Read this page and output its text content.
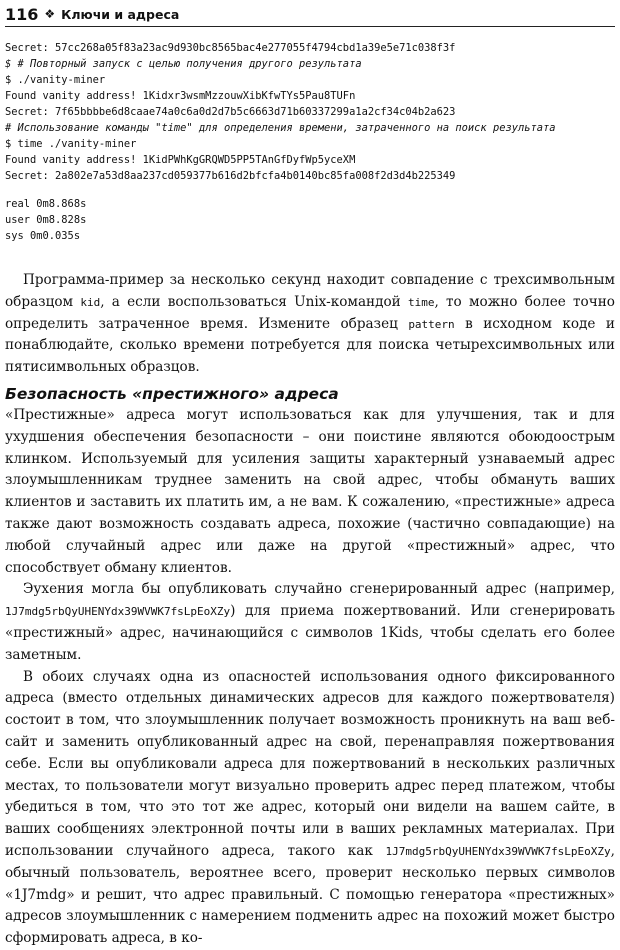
116 ❖ Ключи и адреса
Secret: 57cc268a05f83a23ac9d930bc8565bac4e277055f4794cbd1a39e5e71c038f3f
$ # Повторный запуск с целью получения другого результата
$ ./vanity-miner
Found vanity address! 1Kidxr3wsmMzzouwXibKfwTYs5Pau8TUFn
Secret: 7f65bbbbe6d8caae74a0c6a0d2d7b5c6663d71b60337299a1a2cf34c04b2a623
# Использование команды "time" для определения времени, затраченного на поиск результата
$ time ./vanity-miner
Found vanity address! 1KidPWhKgGRQWD5PP5TAnGfDyfWp5yceXM
Secret: 2a802e7a53d8aa237cd059377b616d2bfcfa4b0140bc85fa008f2d3d4b225349
real 0m8.868s
user 0m8.828s
sys 0m0.035s

Программа-пример за несколько секунд находит совпадение с трехсимвольным образцом kid, а если воспользоваться Unix-командой time, то можно более точно определить затраченное время. Измените образец pattern в исходном коде и понаблюдайте, сколько времени потребуется для поиска четырехсимвольных или пятисимвольных образцов.

Безопасность «престижного» адреса

«Престижные» адреса могут использоваться как для улучшения, так и для ухудшения обеспечения безопасности – они поистине являются обоюдоострым клинком. Используемый для усиления защиты характерный узнаваемый адрес злоумышленникам труднее заменить на свой адрес, чтобы обмануть ваших клиентов и заставить их платить им, а не вам. К сожалению, «престижные» адреса также дают возможность создавать адреса, похожие (частично совпадающие) на любой случайный адрес или даже на другой «престижный» адрес, что способствует обману клиентов.

Эухения могла бы опубликовать случайно сгенерированный адрес (например, 1J7mdg5rbQyUHENYdx39WVWK7fsLpEoXZy) для приема пожертвований. Или сгенерировать «престижный» адрес, начинающийся с символов 1Kids, чтобы сделать его более заметным.

В обоих случаях одна из опасностей использования одного фиксированного адреса (вместо отдельных динамических адресов для каждого пожертвователя) состоит в том, что злоумышленник получает возможность проникнуть на ваш веб-сайт и заменить опубликованный адрес на свой, перенаправляя пожертвования себе. Если вы опубликовали адреса для пожертвований в нескольких различных местах, то пользователи могут визуально проверить адрес перед платежом, чтобы убедиться в том, что это тот же адрес, который они видели на вашем сайте, в ваших сообщениях электронной почты или в ваших рекламных материалах. При использовании случайного адреса, такого как 1J7mdg5rbQyUHENYdx39WVWK7fsLpEoXZy, обычный пользователь, вероятнее всего, проверит несколько первых символов «1J7mdg» и решит, что адрес правильный. С помощью генератора «престижных» адресов злоумышленник с намерением подменить адрес на похожий может быстро сформировать адреса, в ко-
